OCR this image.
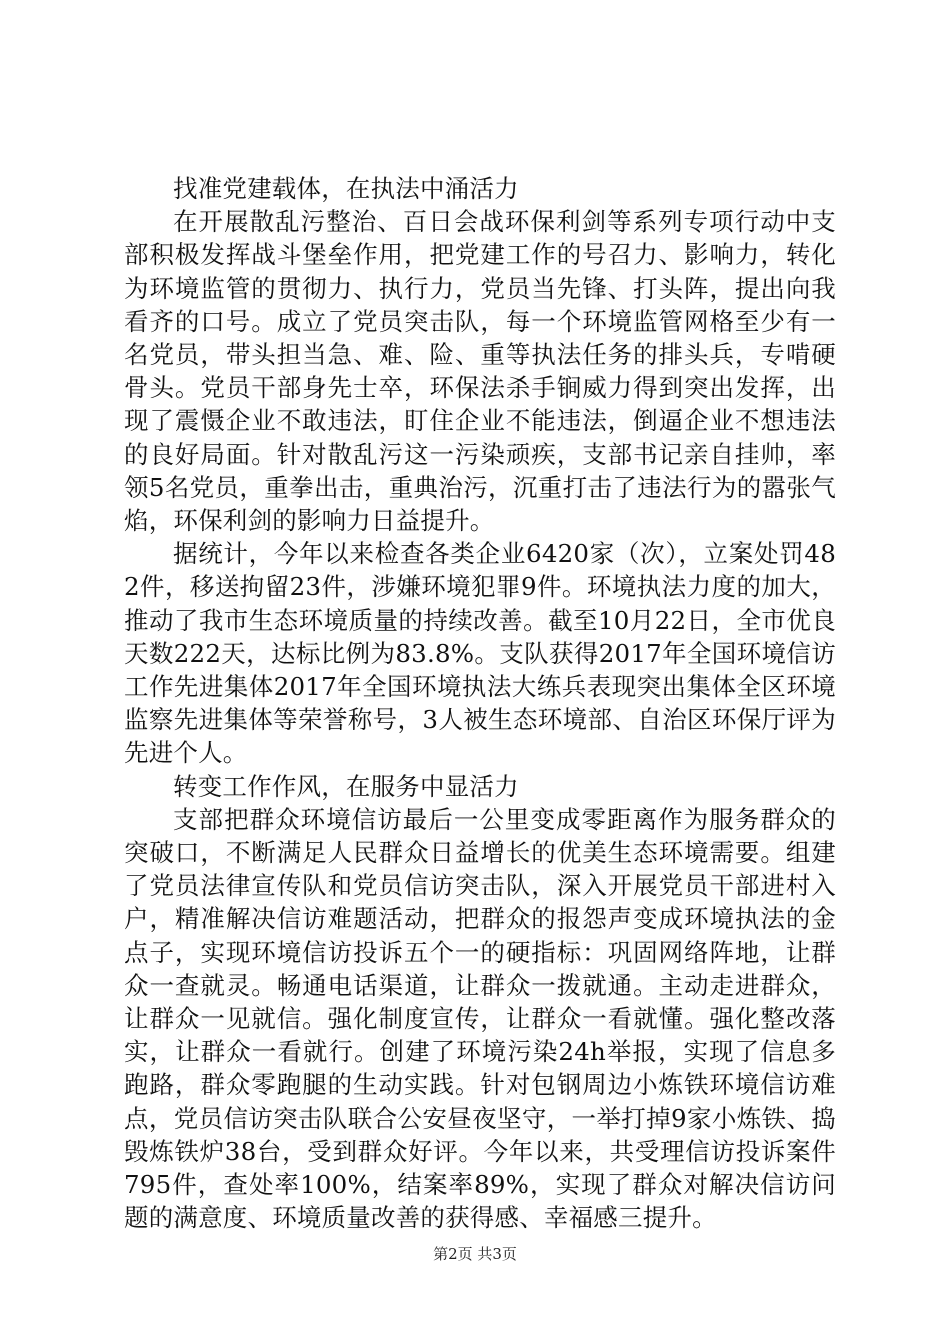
找准党建载体，在执法中涌活力

在开展散乱污整治、百日会战环保利剑等系列专项行动中支部积极发挥战斗堡垒作用，把党建工作的号召力、影响力，转化为环境监管的贯彻力、执行力，党员当先锋、打头阵，提出向我看齐的口号。成立了党员突击队，每一个环境监管网格至少有一名党员，带头担当急、难、险、重等执法任务的排头兵，专啃硬骨头。党员干部身先士卒，环保法杀手锏威力得到突出发挥，出现了震慑企业不敢违法，盯住企业不能违法，倒逼企业不想违法的良好局面。针对散乱污这一污染顽疾，支部书记亲自挂帅，率领5名党员，重拳出击，重典治污，沉重打击了违法行为的嚣张气焰，环保利剑的影响力日益提升。

据统计，今年以来检查各类企业6420家（次），立案处罚482件，移送拘留23件，涉嫌环境犯罪9件。环境执法力度的加大，推动了我市生态环境质量的持续改善。截至10月22日，全市优良天数222天，达标比例为83.8%。支队获得2017年全国环境信访工作先进集体2017年全国环境执法大练兵表现突出集体全区环境监察先进集体等荣誉称号，3人被生态环境部、自治区环保厅评为先进个人。

转变工作作风，在服务中显活力

支部把群众环境信访最后一公里变成零距离作为服务群众的突破口，不断满足人民群众日益增长的优美生态环境需要。组建了党员法律宣传队和党员信访突击队，深入开展党员干部进村入户，精准解决信访难题活动，把群众的报怨声变成环境执法的金点子，实现环境信访投诉五个一的硬指标：巩固网络阵地，让群众一查就灵。畅通电话渠道，让群众一拨就通。主动走进群众，让群众一见就信。强化制度宣传，让群众一看就懂。强化整改落实，让群众一看就行。创建了环境污染24h举报，实现了信息多跑路，群众零跑腿的生动实践。针对包钢周边小炼铁环境信访难点，党员信访突击队联合公安昼夜坚守，一举打掉9家小炼铁、捣毁炼铁炉38台，受到群众好评。今年以来，共受理信访投诉案件795件，查处率100%，结案率89%，实现了群众对解决信访问题的满意度、环境质量改善的获得感、幸福感三提升。

第2页 共3页
